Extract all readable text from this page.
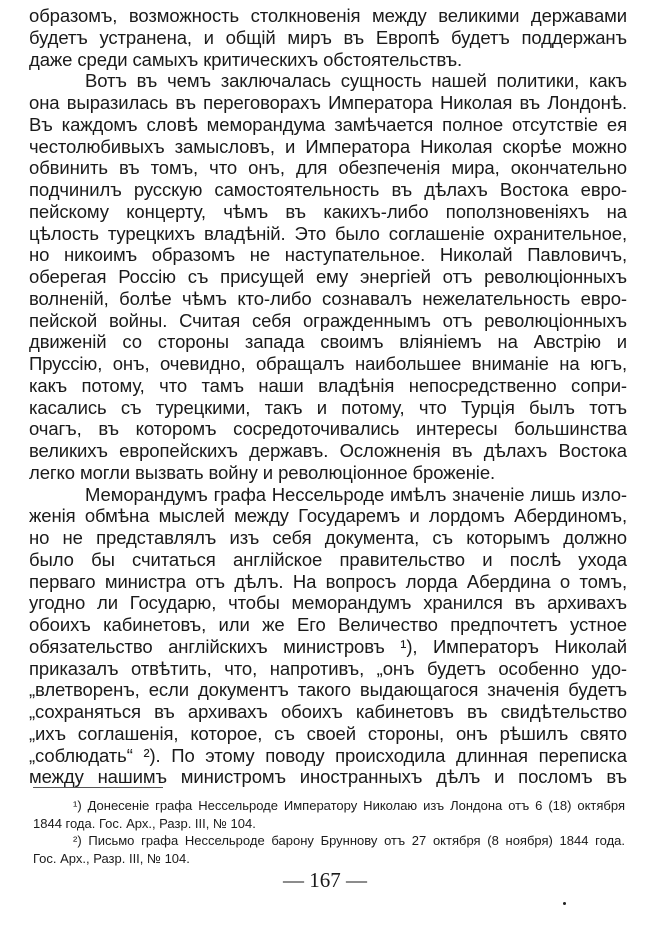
образомъ, возможность столкновенія между великими державами
будетъ устранена, и общій миръ въ Европѣ будетъ поддержанъ
даже среди самыхъ критическихъ обстоятельствъ.
Вотъ въ чемъ заключалась сущность нашей политики, какъ
она выразилась въ переговорахъ Императора Николая въ Лондонѣ.
Въ каждомъ словѣ меморандума замѣчается полное отсутствіе ея
честолюбивыхъ замысловъ, и Императора Николая скорѣе можно
обвинить въ томъ, что онъ, для обезпеченія мира, окончательно
подчинилъ русскую самостоятельность въ дѣлахъ Востока евро-
пейскому концерту, чѣмъ въ какихъ-либо поползновеніяхъ на
цѣлость турецкихъ владѣній. Это было соглашеніе охранительное,
но никоимъ образомъ не наступательное. Николай Павловичъ,
оберегая Россію съ присущей ему энергіей отъ революціонныхъ
волненій, болѣе чѣмъ кто-либо сознавалъ нежелательность евро-
пейской войны. Считая себя огражденнымъ отъ революціонныхъ
движеній со стороны запада своимъ вліяніемъ на Австрію и
Пруссію, онъ, очевидно, обращалъ наибольшее вниманіе на югъ,
какъ потому, что тамъ наши владѣнія непосредственно сопри-
касались съ турецкими, такъ и потому, что Турція былъ тотъ
очагъ, въ которомъ сосредоточивались интересы большинства
великихъ европейскихъ державъ. Осложненія въ дѣлахъ Востока
легко могли вызвать войну и революціонное броженіе.
Меморандумъ графа Нессельроде имѣлъ значеніе лишь изло-
женія обмѣна мыслей между Государемъ и лордомъ Абердиномъ,
но не представлялъ изъ себя документа, съ которымъ должно
было бы считаться англійское правительство и послѣ ухода
перваго министра отъ дѣлъ. На вопросъ лорда Абердина о томъ,
угодно ли Государю, чтобы меморандумъ хранился въ архивахъ
обоихъ кабинетовъ, или же Его Величество предпочтетъ устное
обязательство англійскихъ министровъ ¹), Императоръ Николай
приказалъ отвѣтить, что, напротивъ, „онъ будетъ особенно удо-
„влетворенъ, если документъ такого выдающагося значенія будетъ
„сохраняться въ архивахъ обоихъ кабинетовъ въ свидѣтельство
„ихъ соглашенія, которое, съ своей стороны, онъ рѣшилъ свято
„соблюдать“ ²). По этому поводу происходила длинная переписка
между нашимъ министромъ иностранныхъ дѣлъ и посломъ въ
¹) Донесеніе графа Нессельроде Императору Николаю изъ Лондона отъ 6 (18) октября
1844 года. Гос. Арх., Разр. III, № 104.
²) Письмо графа Нессельроде барону Бруннову отъ 27 октября (8 ноября) 1844 года.
Гос. Арх., Разр. III, № 104.
— 167 —
